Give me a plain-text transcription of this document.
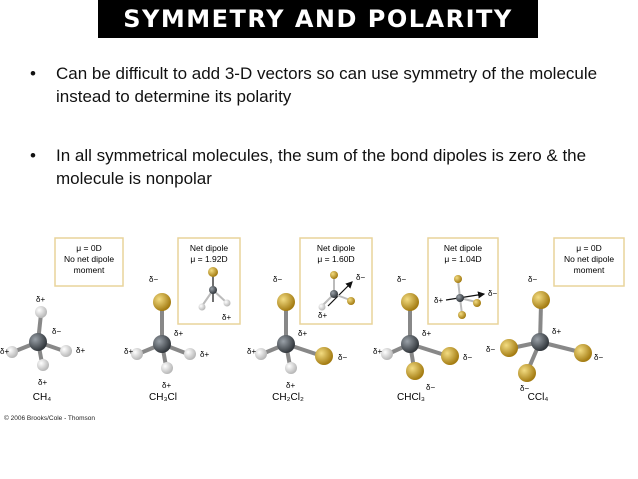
SYMMETRY AND POLARITY
• Can be difficult to add 3-D vectors so can use symmetry of the molecule instead to determine its polarity
• In all symmetrical molecules, the sum of the bond dipoles is zero & the molecule is nonpolar
μ = 0D
No net dipole
moment
δ+
δ−
δ+	δ+
δ+
CH₄
Net dipole
μ = 1.92D
δ+
δ−
δ+
δ+	δ+
δ+
CH₃Cl
Net dipole
μ = 1.60D
δ−
δ+
δ−
δ+
δ+
δ−
δ+
CH₂Cl₂
Net dipole
μ = 1.04D
δ+
δ−
δ−
δ+
δ+
δ−
δ−
CHCl₃
μ = 0D
No net dipole
moment
δ−
δ+
δ−
δ−
δ−
CCl₄
© 2006 Brooks/Cole - Thomson
